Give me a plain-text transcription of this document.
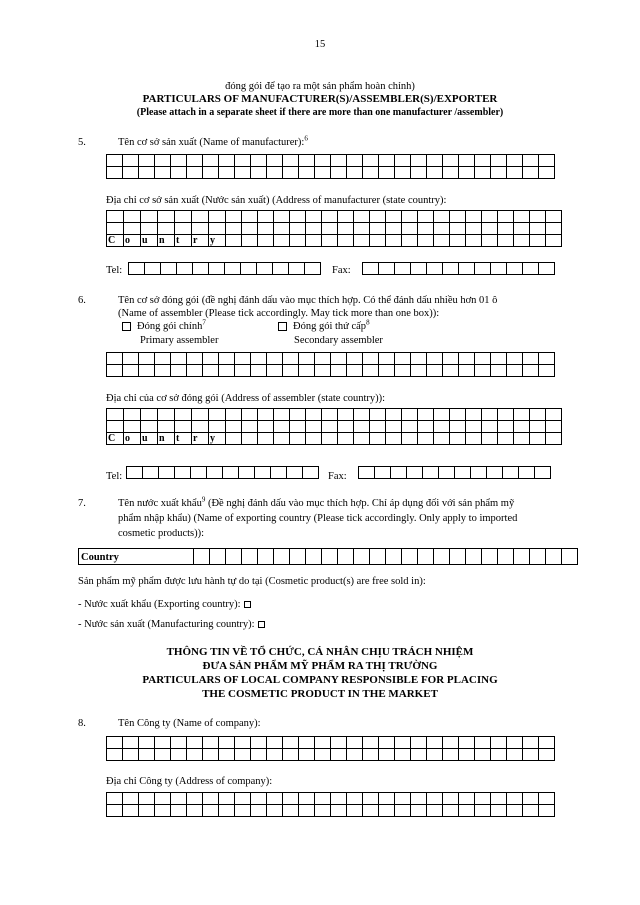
15
đóng gói để tạo ra một sản phẩm hoàn chỉnh)
PARTICULARS OF MANUFACTURER(S)/ASSEMBLER(S)/EXPORTER
(Please attach in a separate sheet if there are more than one manufacturer /assembler)
5.	Tên cơ sở sản xuất (Name of manufacturer):$^6$

Địa chỉ cơ sở sản xuất (Nước sản xuất) (Address of manufacturer (state country):

C	o	u	n	t	r	y																					
Tel:
												Fax:

6.	Tên cơ sở đóng gói (đề nghị đánh dấu vào mục thích hợp. Có thể đánh dấu nhiều hơn 01 ô
(Name of assembler (Please tick accordingly. May tick more than one box)):
Đóng gói chính$^7$
Primary assembler
Đóng gói thứ cấp$^8$
Secondary assembler

Địa chỉ của cơ sở đóng gói (Address of assembler (state country)):

C	o	u	n	t	r	y																					
Tel:
												Fax:

7.	Tên nước xuất khẩu$^9$ (Đề nghị đánh dấu vào mục thích hợp. Chỉ áp dụng đối với sản phẩm mỹ
phẩm nhập khẩu) (Name of exporting country (Please tick accordingly. Only apply to imported
cosmetic products)):
Country

Sản phẩm mỹ phẩm được lưu hành tự do tại (Cosmetic product(s) are free sold in):
- Nước xuất khẩu (Exporting country):
- Nước sản xuất (Manufacturing country):
THÔNG TIN VỀ TỔ CHỨC, CÁ NHÂN CHỊU TRÁCH NHIỆM
ĐƯA SẢN PHẨM MỸ PHẨM RA THỊ TRƯỜNG
PARTICULARS OF LOCAL COMPANY RESPONSIBLE FOR PLACING
THE COSMETIC PRODUCT IN THE MARKET
8.	Tên Công ty (Name of company):

Địa chỉ Công ty (Address of company):
